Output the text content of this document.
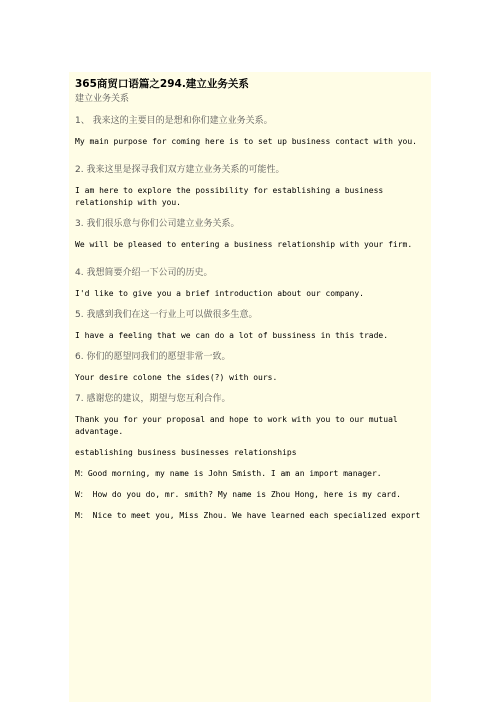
365商贸口语篇之294.建立业务关系
建立业务关系
1、 我来这的主要目的是想和你们建立业务关系。
My main purpose for coming here is to set up business contact with you.
2. 我来这里是探寻我们双方建立业务关系的可能性。
I am here to explore the possibility for establishing a business relationship with you.
3. 我们很乐意与你们公司建立业务关系。
We will be pleased to entering a business relationship with your firm.
4. 我想简要介绍一下公司的历史。
I'd like to give you a brief introduction about our company.
5. 我感到我们在这一行业上可以做很多生意。
I have a feeling that we can do a lot of bussiness in this trade.
6. 你们的愿望同我们的愿望非常一致。
Your desire colone the sides(?) with ours.
7. 感谢您的建议，期望与您互利合作。
Thank you for your proposal and hope to work with you to our mutual advantage.
establishing business businesses relationships
M：Good morning, my name is John Smisth. I am an import manager.
W： How do you do, mr. smith? My name is Zhou Hong, here is my card.
M： Nice to meet you, Miss Zhou. We have learned each specialized export
